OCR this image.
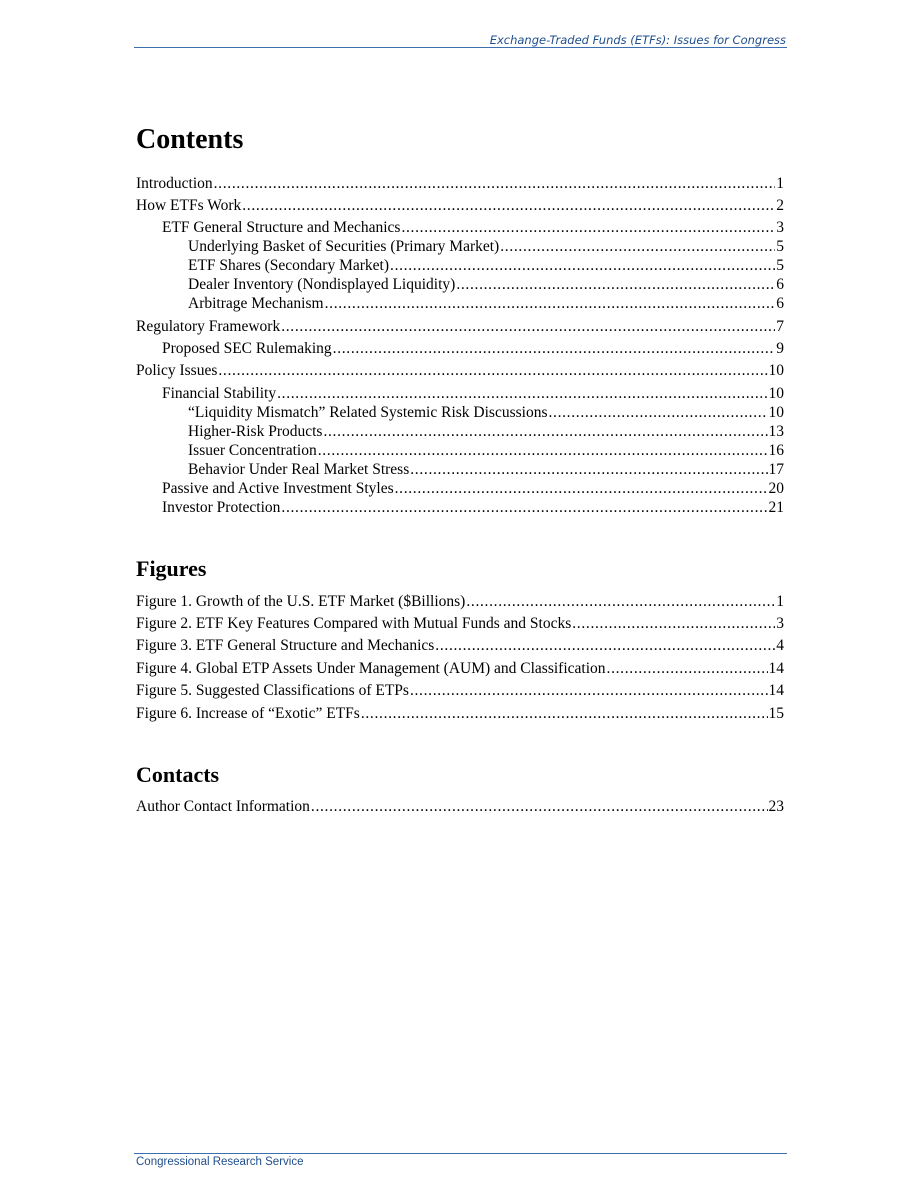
Exchange-Traded Funds (ETFs): Issues for Congress
Contents
Introduction . . .	1
How ETFs Work . . .	2
ETF General Structure and Mechanics . . .	3
Underlying Basket of Securities (Primary Market) . . .	5
ETF Shares (Secondary Market) . . .	5
Dealer Inventory (Nondisplayed Liquidity) . . .	6
Arbitrage Mechanism . . .	6
Regulatory Framework . . .	7
Proposed SEC Rulemaking . . .	9
Policy Issues . . .	10
Financial Stability . . .	10
“Liquidity Mismatch” Related Systemic Risk Discussions . . .	10
Higher-Risk Products . . .	13
Issuer Concentration . . .	16
Behavior Under Real Market Stress . . .	17
Passive and Active Investment Styles . . .	20
Investor Protection . . .	21
Figures
Figure 1. Growth of the U.S. ETF Market ($Billions) . . .	1
Figure 2. ETF Key Features Compared with Mutual Funds and Stocks . . .	3
Figure 3. ETF General Structure and Mechanics . . .	4
Figure 4. Global ETP Assets Under Management (AUM) and Classification . . .	14
Figure 5. Suggested Classifications of ETPs . . .	14
Figure 6. Increase of “Exotic” ETFs . . .	15
Contacts
Author Contact Information . . .	23
Congressional Research Service
